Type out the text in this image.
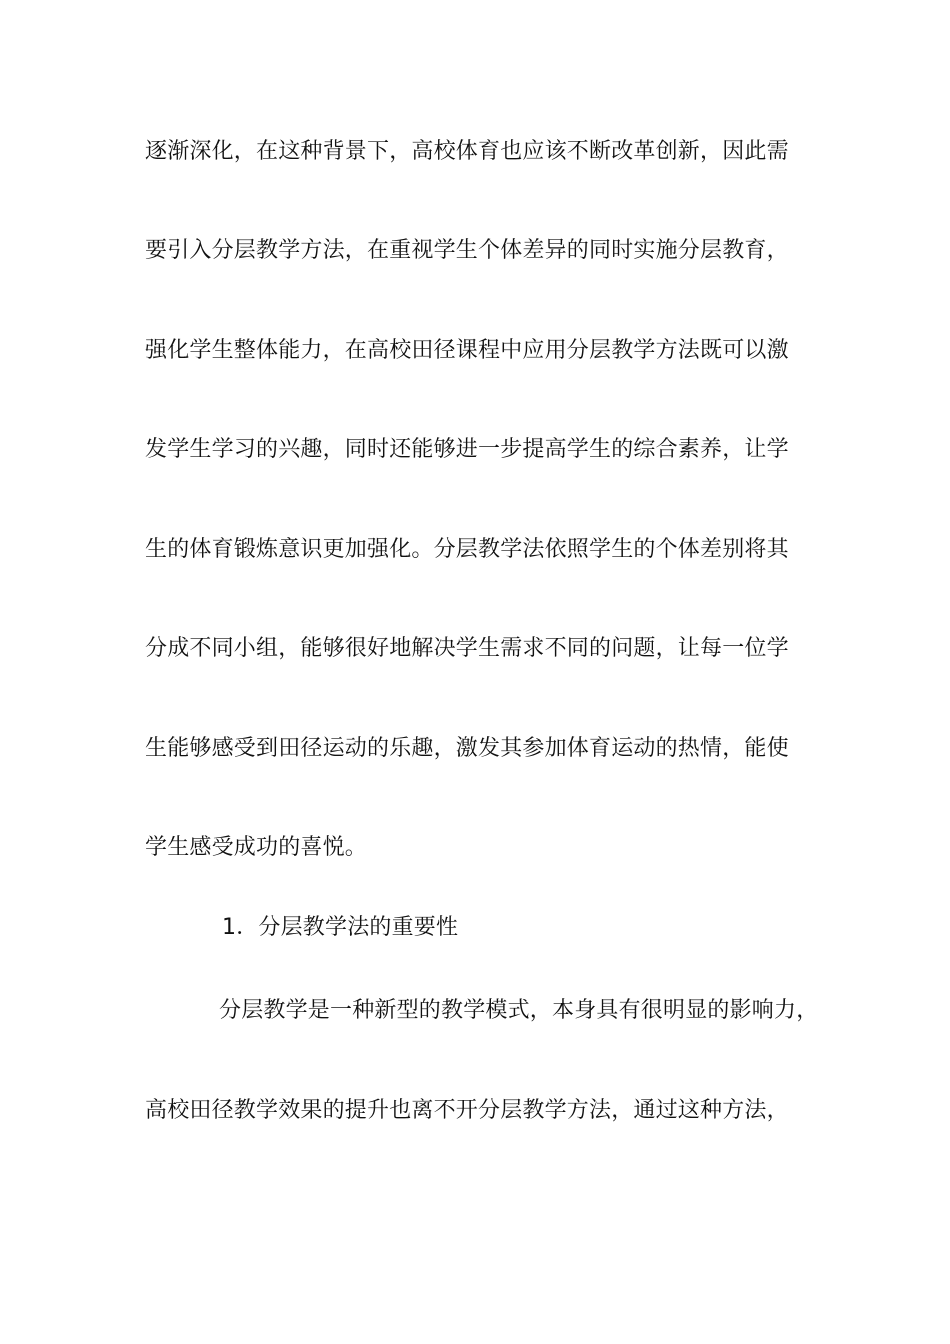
逐渐深化，在这种背景下，高校体育也应该不断改革创新，因此需
要引入分层教学方法，在重视学生个体差异的同时实施分层教育，
强化学生整体能力，在高校田径课程中应用分层教学方法既可以激
发学生学习的兴趣，同时还能够进一步提高学生的综合素养，让学
生的体育锻炼意识更加强化。分层教学法依照学生的个体差别将其
分成不同小组，能够很好地解决学生需求不同的问题，让每一位学
生能够感受到田径运动的乐趣，激发其参加体育运动的热情，能使
学生感受成功的喜悦。
1．分层教学法的重要性
分层教学是一种新型的教学模式，本身具有很明显的影响力，
高校田径教学效果的提升也离不开分层教学方法，通过这种方法，
